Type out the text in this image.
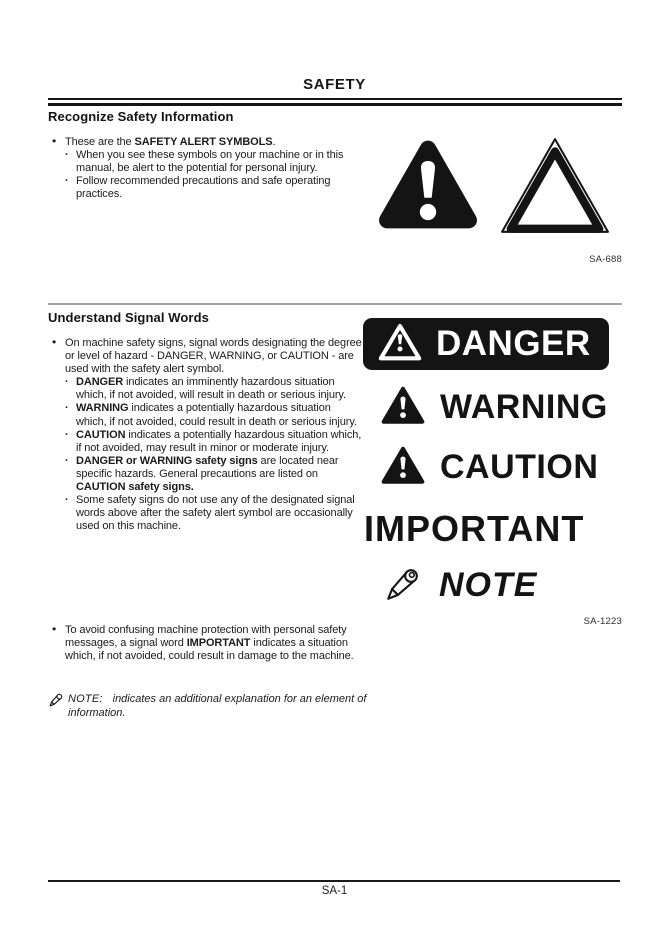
SAFETY
Recognize Safety Information

• These are the SAFETY ALERT SYMBOLS.

· When you see these symbols on your machine or in this manual, be alert to the potential for personal injury.

· Follow recommended precautions and safe operating practices.

SA-688
Understand Signal Words

• On machine safety signs, signal words designating the degree or level of hazard - DANGER, WARNING, or CAUTION - are used with the safety alert symbol.

· DANGER indicates an imminently hazardous situation which, if not avoided, will result in death or serious injury.

· WARNING indicates a potentially hazardous situation which, if not avoided, could result in death or serious injury.

· CAUTION indicates a potentially hazardous situation which, if not avoided, may result in minor or moderate injury.

· DANGER or WARNING safety signs are located near specific hazards. General precautions are listed on CAUTION safety signs.

· Some safety signs do not use any of the designated signal words above after the safety alert symbol are occasionally used on this machine.

DANGER
WARNING
CAUTION
IMPORTANT
NOTE
SA-1223

• To avoid confusing machine protection with personal safety messages, a signal word IMPORTANT indicates a situation which, if not avoided, could result in damage to the machine.

NOTE: indicates an additional explanation for an element of information.
SA-1
